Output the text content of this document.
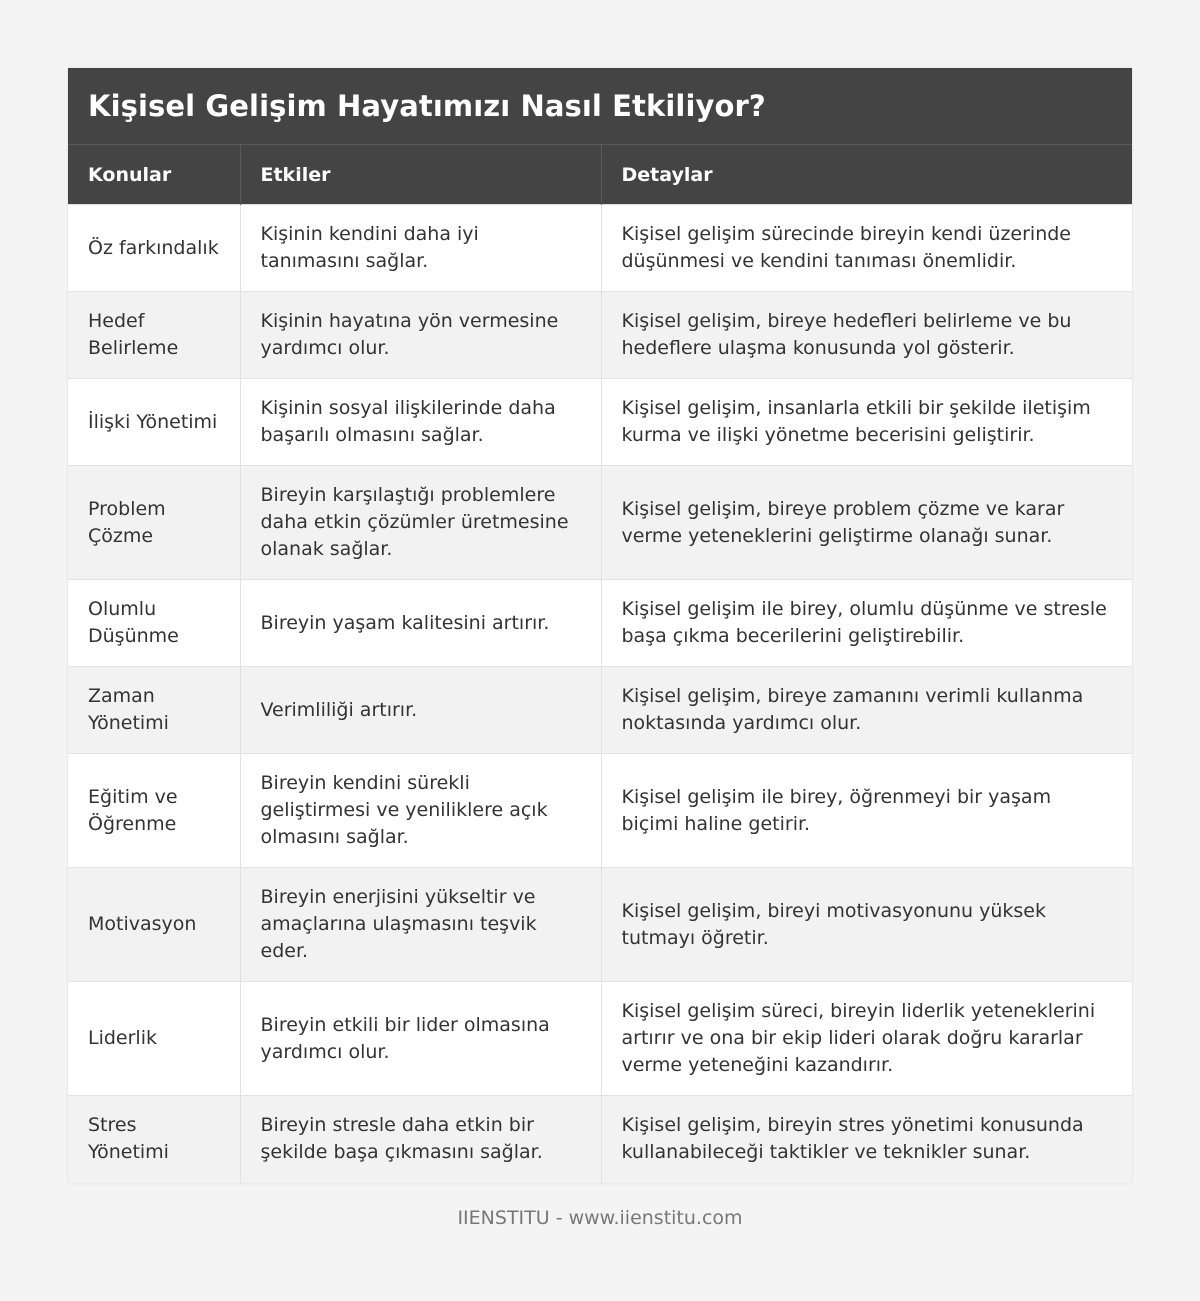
Kişisel Gelişim Hayatımızı Nasıl Etkiliyor?
Konular	Etkiler	Detaylar
Öz farkındalık	Kişinin kendini daha iyi tanımasını sağlar.	Kişisel gelişim sürecinde bireyin kendi üzerinde düşünmesi ve kendini tanıması önemlidir.
Hedef Belirleme	Kişinin hayatına yön vermesine yardımcı olur.	Kişisel gelişim, bireye hedefleri belirleme ve bu hedeflere ulaşma konusunda yol gösterir.
İlişki Yönetimi	Kişinin sosyal ilişkilerinde daha başarılı olmasını sağlar.	Kişisel gelişim, insanlarla etkili bir şekilde iletişim kurma ve ilişki yönetme becerisini geliştirir.
Problem Çözme	Bireyin karşılaştığı problemlere daha etkin çözümler üretmesine olanak sağlar.	Kişisel gelişim, bireye problem çözme ve karar verme yeteneklerini geliştirme olanağı sunar.
Olumlu Düşünme	Bireyin yaşam kalitesini artırır.	Kişisel gelişim ile birey, olumlu düşünme ve stresle başa çıkma becerilerini geliştirebilir.
Zaman Yönetimi	Verimliliği artırır.	Kişisel gelişim, bireye zamanını verimli kullanma noktasında yardımcı olur.
Eğitim ve Öğrenme	Bireyin kendini sürekli geliştirmesi ve yeniliklere açık olmasını sağlar.	Kişisel gelişim ile birey, öğrenmeyi bir yaşam biçimi haline getirir.
Motivasyon	Bireyin enerjisini yükseltir ve amaçlarına ulaşmasını teşvik eder.	Kişisel gelişim, bireyi motivasyonunu yüksek tutmayı öğretir.
Liderlik	Bireyin etkili bir lider olmasına yardımcı olur.	Kişisel gelişim süreci, bireyin liderlik yeteneklerini artırır ve ona bir ekip lideri olarak doğru kararlar verme yeteneğini kazandırır.
Stres Yönetimi	Bireyin stresle daha etkin bir şekilde başa çıkmasını sağlar.	Kişisel gelişim, bireyin stres yönetimi konusunda kullanabileceği taktikler ve teknikler sunar.
IIENSTITU - www.iienstitu.com
